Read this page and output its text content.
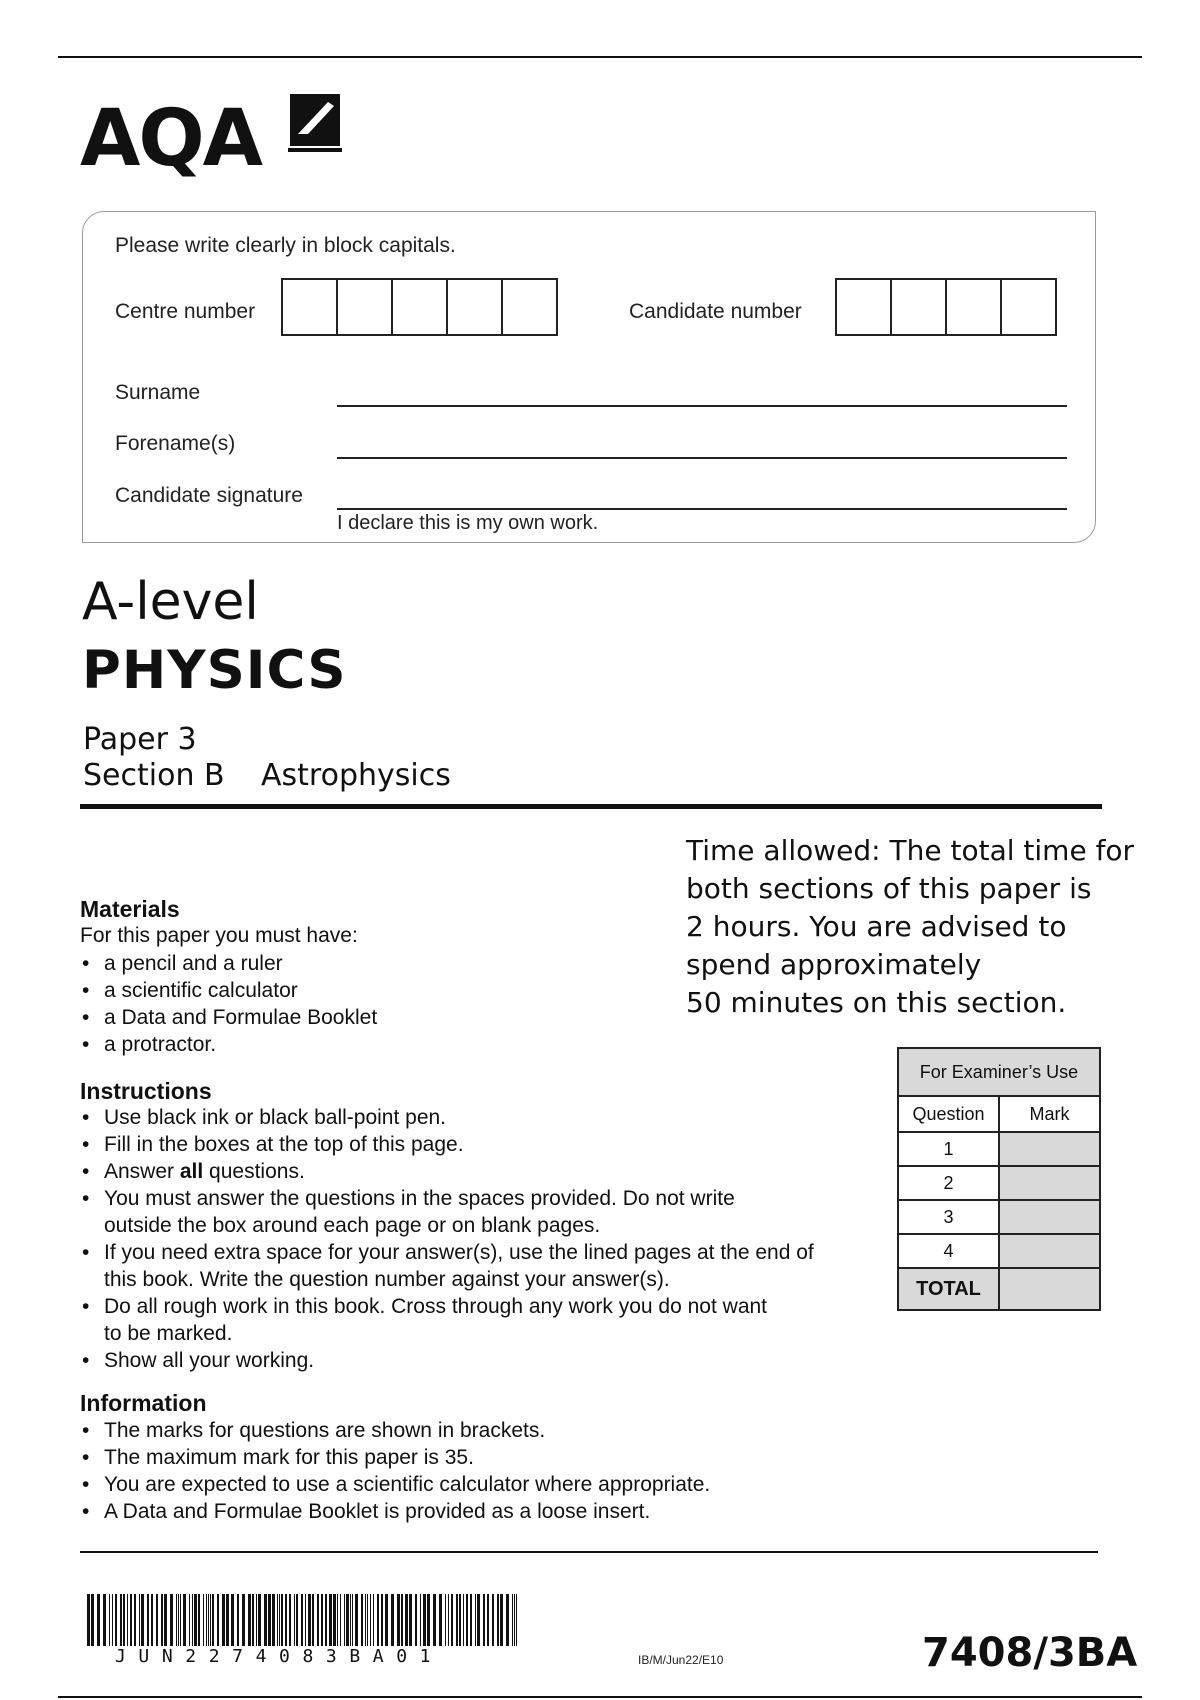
AQA
Please write clearly in block capitals.
Centre number	Candidate number
Surname
Forename(s)
Candidate signature
I declare this is my own work.
A-level
PHYSICS
Paper 3
Section B Astrophysics
Time allowed: The total time for
both sections of this paper is
2 hours. You are advised to
spend approximately
50 minutes on this section.
Materials
For this paper you must have:
• a pencil and a ruler
• a scientific calculator
• a Data and Formulae Booklet
• a protractor.
Instructions
• Use black ink or black ball-point pen.
• Fill in the boxes at the top of this page.
• Answer all questions.
• You must answer the questions in the spaces provided. Do not write
outside the box around each page or on blank pages.
• If you need extra space for your answer(s), use the lined pages at the end of
this book. Write the question number against your answer(s).
• Do all rough work in this book. Cross through any work you do not want
to be marked.
• Show all your working.
Information
• The marks for questions are shown in brackets.
• The maximum mark for this paper is 35.
• You are expected to use a scientific calculator where appropriate.
• A Data and Formulae Booklet is provided as a loose insert.
For Examiner’s Use	
Question	Mark
1	
2	
3	
4	
TOTAL	
JUN2274083BA01	IB/M/Jun22/E10	7408/3BA
